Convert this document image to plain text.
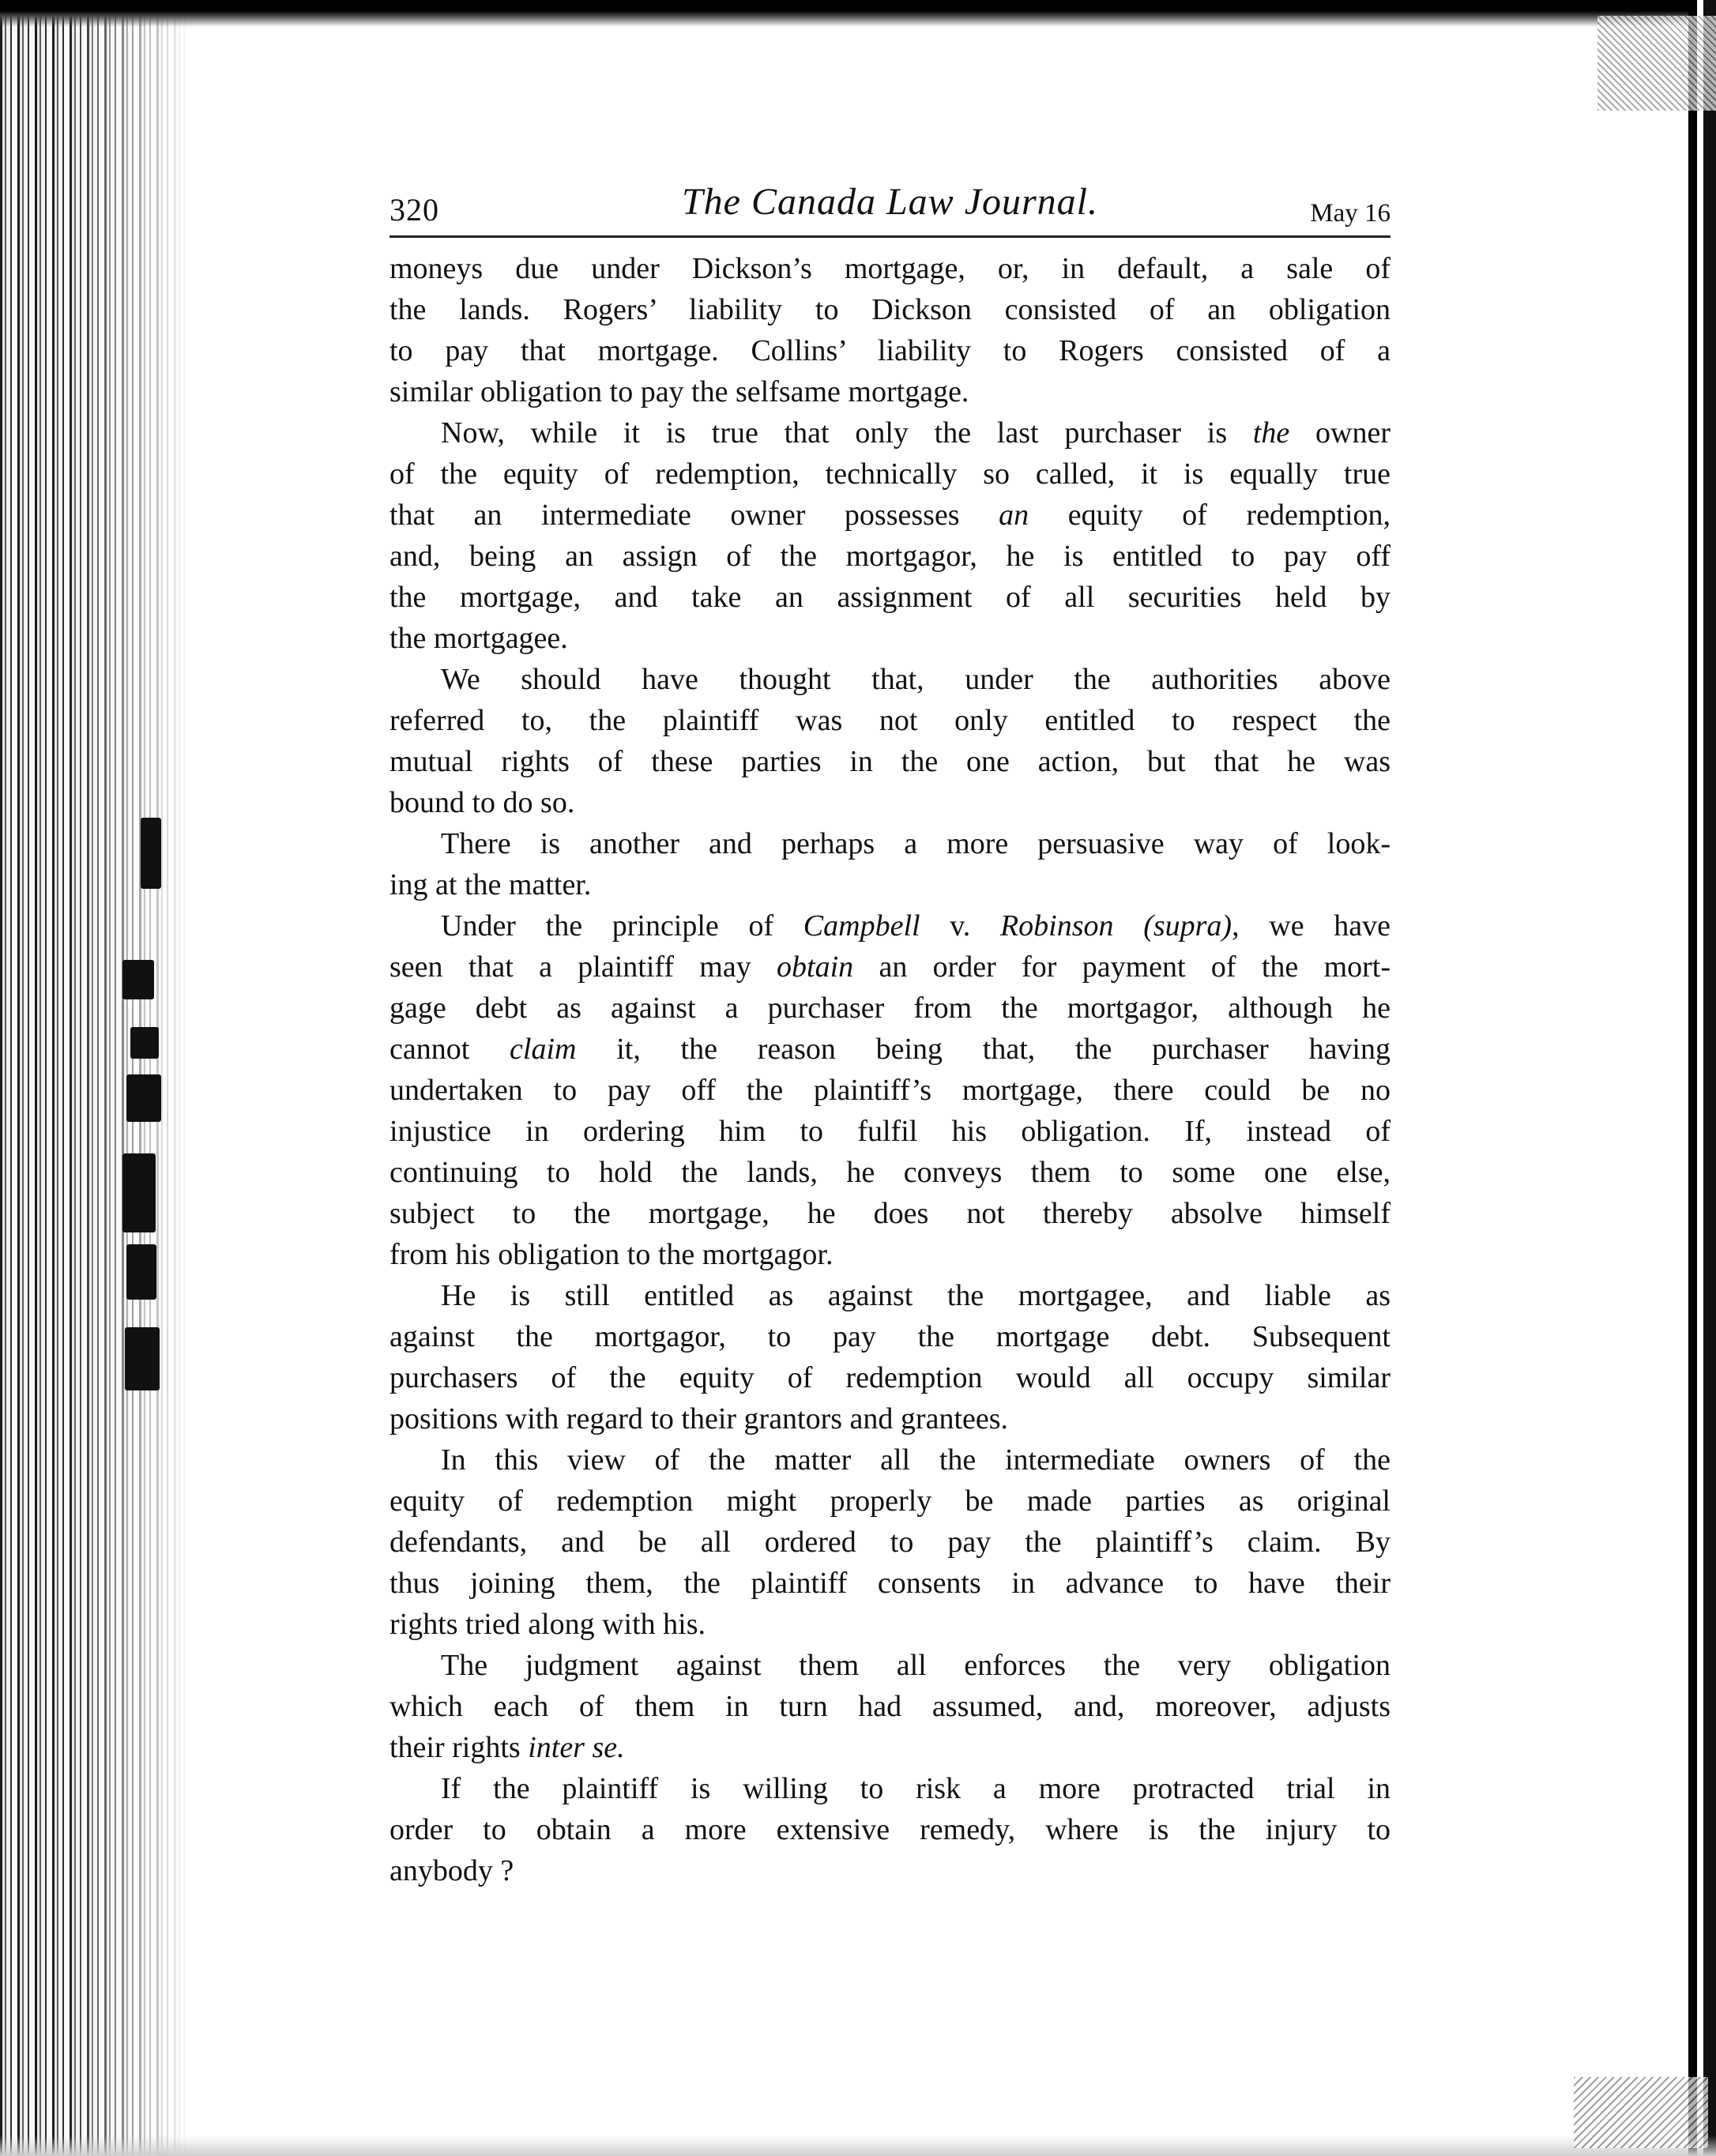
320	The Canada Law Journal.	May 16
moneys due under Dickson’s mortgage, or, in default, a sale of
the lands. Rogers’ liability to Dickson consisted of an obligation
to pay that mortgage. Collins’ liability to Rogers consisted of a
similar obligation to pay the selfsame mortgage.
Now, while it is true that only the last purchaser is the owner
of the equity of redemption, technically so called, it is equally true
that an intermediate owner possesses an equity of redemption,
and, being an assign of the mortgagor, he is entitled to pay off
the mortgage, and take an assignment of all securities held by
the mortgagee.
We should have thought that, under the authorities above
referred to, the plaintiff was not only entitled to respect the
mutual rights of these parties in the one action, but that he was
bound to do so.
There is another and perhaps a more persuasive way of look-
ing at the matter.
Under the principle of Campbell v. Robinson (supra), we have
seen that a plaintiff may obtain an order for payment of the mort-
gage debt as against a purchaser from the mortgagor, although he
cannot claim it, the reason being that, the purchaser having
undertaken to pay off the plaintiff’s mortgage, there could be no
injustice in ordering him to fulfil his obligation. If, instead of
continuing to hold the lands, he conveys them to some one else,
subject to the mortgage, he does not thereby absolve himself
from his obligation to the mortgagor.
He is still entitled as against the mortgagee, and liable as
against the mortgagor, to pay the mortgage debt. Subsequent
purchasers of the equity of redemption would all occupy similar
positions with regard to their grantors and grantees.
In this view of the matter all the intermediate owners of the
equity of redemption might properly be made parties as original
defendants, and be all ordered to pay the plaintiff’s claim. By
thus joining them, the plaintiff consents in advance to have their
rights tried along with his.
The judgment against them all enforces the very obligation
which each of them in turn had assumed, and, moreover, adjusts
their rights inter se.
If the plaintiff is willing to risk a more protracted trial in
order to obtain a more extensive remedy, where is the injury to
anybody ?
